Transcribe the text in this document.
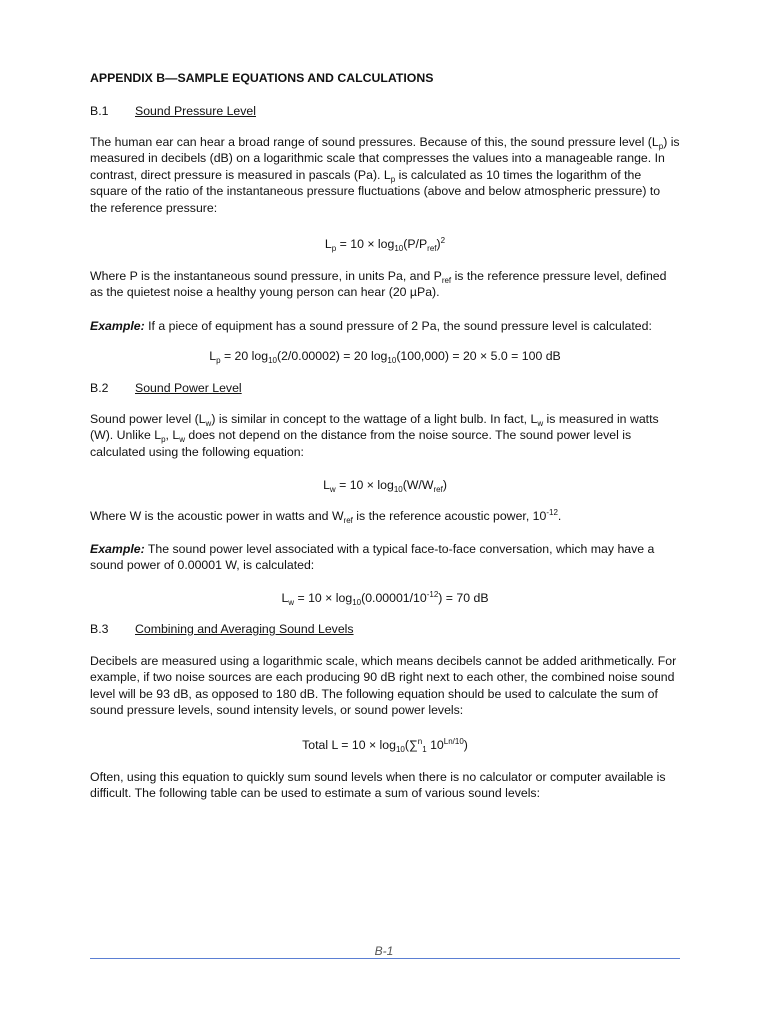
APPENDIX B—SAMPLE EQUATIONS AND CALCULATIONS

B.1	Sound Pressure Level

The human ear can hear a broad range of sound pressures. Because of this, the sound pressure level $(L_p)$ is measured in decibels (dB) on a logarithmic scale that compresses the values into a manageable range. In contrast, direct pressure is measured in pascals (Pa). $L_p$ is calculated as 10 times the logarithm of the square of the ratio of the instantaneous pressure fluctuations (above and below atmospheric pressure) to the reference pressure:

$L_p = 10 \times \log_{10}(P/P_{ref})^2$

Where P is the instantaneous sound pressure, in units Pa, and $P_{ref}$ is the reference pressure level, defined as the quietest noise a healthy young person can hear (20 µPa).

Example: If a piece of equipment has a sound pressure of 2 Pa, the sound pressure level is calculated:

$L_p = 20$ $\log_{10}(2/0.00002) = 20$ $\log_{10}(100,000) = 20 \times 5.0 = 100$ dB

B.2	Sound Power Level

Sound power level $(L_w)$ is similar in concept to the wattage of a light bulb. In fact, $L_w$ is measured in watts (W). Unlike $L_p$, $L_w$ does not depend on the distance from the noise source. The sound power level is calculated using the following equation:

$L_w = 10 \times \log_{10}(W/W_{ref})$

Where W is the acoustic power in watts and $W_{ref}$ is the reference acoustic power, $10^{-12}$.

Example: The sound power level associated with a typical face-to-face conversation, which may have a sound power of 0.00001 W, is calculated:

$L_w = 10 \times \log_{10}(0.00001/10^{-12}) = 70$ dB

B.3	Combining and Averaging Sound Levels

Decibels are measured using a logarithmic scale, which means decibels cannot be added arithmetically. For example, if two noise sources are each producing 90 dB right next to each other, the combined noise sound level will be 93 dB, as opposed to 180 dB. The following equation should be used to calculate the sum of sound pressure levels, sound intensity levels, or sound power levels:

Total $L = 10 \times \log_{10}(\sum^n_1$ $10^{Ln/10}$)

Often, using this equation to quickly sum sound levels when there is no calculator or computer available is difficult. The following table can be used to estimate a sum of various sound levels:

B-1
